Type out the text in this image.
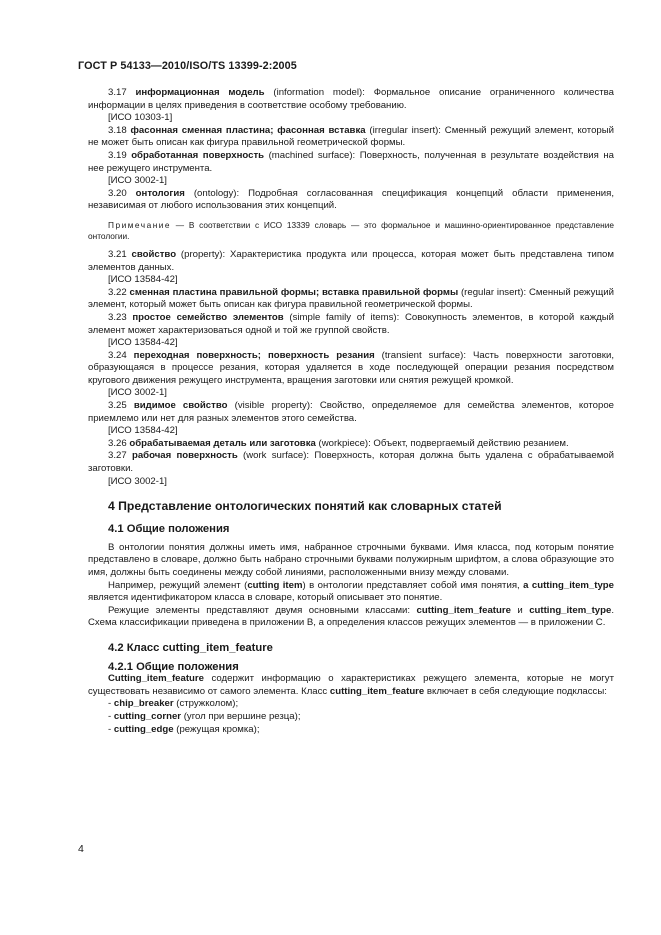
ГОСТ Р 54133—2010/ISO/TS 13399-2:2005

3.17 информационная модель (information model): Формальное описание ограниченного количества информации в целях приведения в соответствие особому требованию.

[ИСО 10303-1]

3.18 фасонная сменная пластина; фасонная вставка (irregular insert): Сменный режущий элемент, который не может быть описан как фигура правильной геометрической формы.

3.19 обработанная поверхность (machined surface): Поверхность, полученная в результате воздействия на нее режущего инструмента.

[ИСО 3002-1]

3.20 онтология (ontology): Подробная согласованная спецификация концепций области применения, независимая от любого использования этих концепций.

Примечание — В соответствии с ИСО 13339 словарь — это формальное и машинно-ориентированное представление онтологии.

3.21 свойство (property): Характеристика продукта или процесса, которая может быть представлена типом элементов данных.

[ИСО 13584-42]

3.22 сменная пластина правильной формы; вставка правильной формы (regular insert): Сменный режущий элемент, который может быть описан как фигура правильной геометрической формы.

3.23 простое семейство элементов (simple family of items): Совокупность элементов, в которой каждый элемент может характеризоваться одной и той же группой свойств.

[ИСО 13584-42]

3.24 переходная поверхность; поверхность резания (transient surface): Часть поверхности заготовки, образующаяся в процессе резания, которая удаляется в ходе последующей операции резания посредством кругового движения режущего инструмента, вращения заготовки или снятия режущей кромкой.

[ИСО 3002-1]

3.25 видимое свойство (visible property): Свойство, определяемое для семейства элементов, которое приемлемо или нет для разных элементов этого семейства.

[ИСО 13584-42]

3.26 обрабатываемая деталь или заготовка (workpiece): Объект, подвергаемый действию резанием.

3.27 рабочая поверхность (work surface): Поверхность, которая должна быть удалена с обрабатываемой заготовки.

[ИСО 3002-1]

4 Представление онтологических понятий как словарных статей
4.1 Общие положения

В онтологии понятия должны иметь имя, набранное строчными буквами. Имя класса, под которым понятие представлено в словаре, должно быть набрано строчными буквами полужирным шрифтом, а слова образующие это имя, должны быть соединены между собой линиями, расположенными внизу между словами.

Например, режущий элемент (cutting item) в онтологии представляет собой имя понятия, a cutting_item_type является идентификатором класса в словаре, который описывает это понятие.

Режущие элементы представляют двумя основными классами: cutting_item_feature и cutting_item_type. Схема классификации приведена в приложении В, а определения классов режущих элементов — в приложении С.

4.2 Класс cutting_item_feature
4.2.1 Общие положения

Cutting_item_feature содержит информацию о характеристиках режущего элемента, которые не могут существовать независимо от самого элемента. Класс cutting_item_feature включает в себя следующие подклассы:

- chip_breaker (стружколом);
- cutting_corner (угол при вершине резца);
- cutting_edge (режущая кромка);
4
